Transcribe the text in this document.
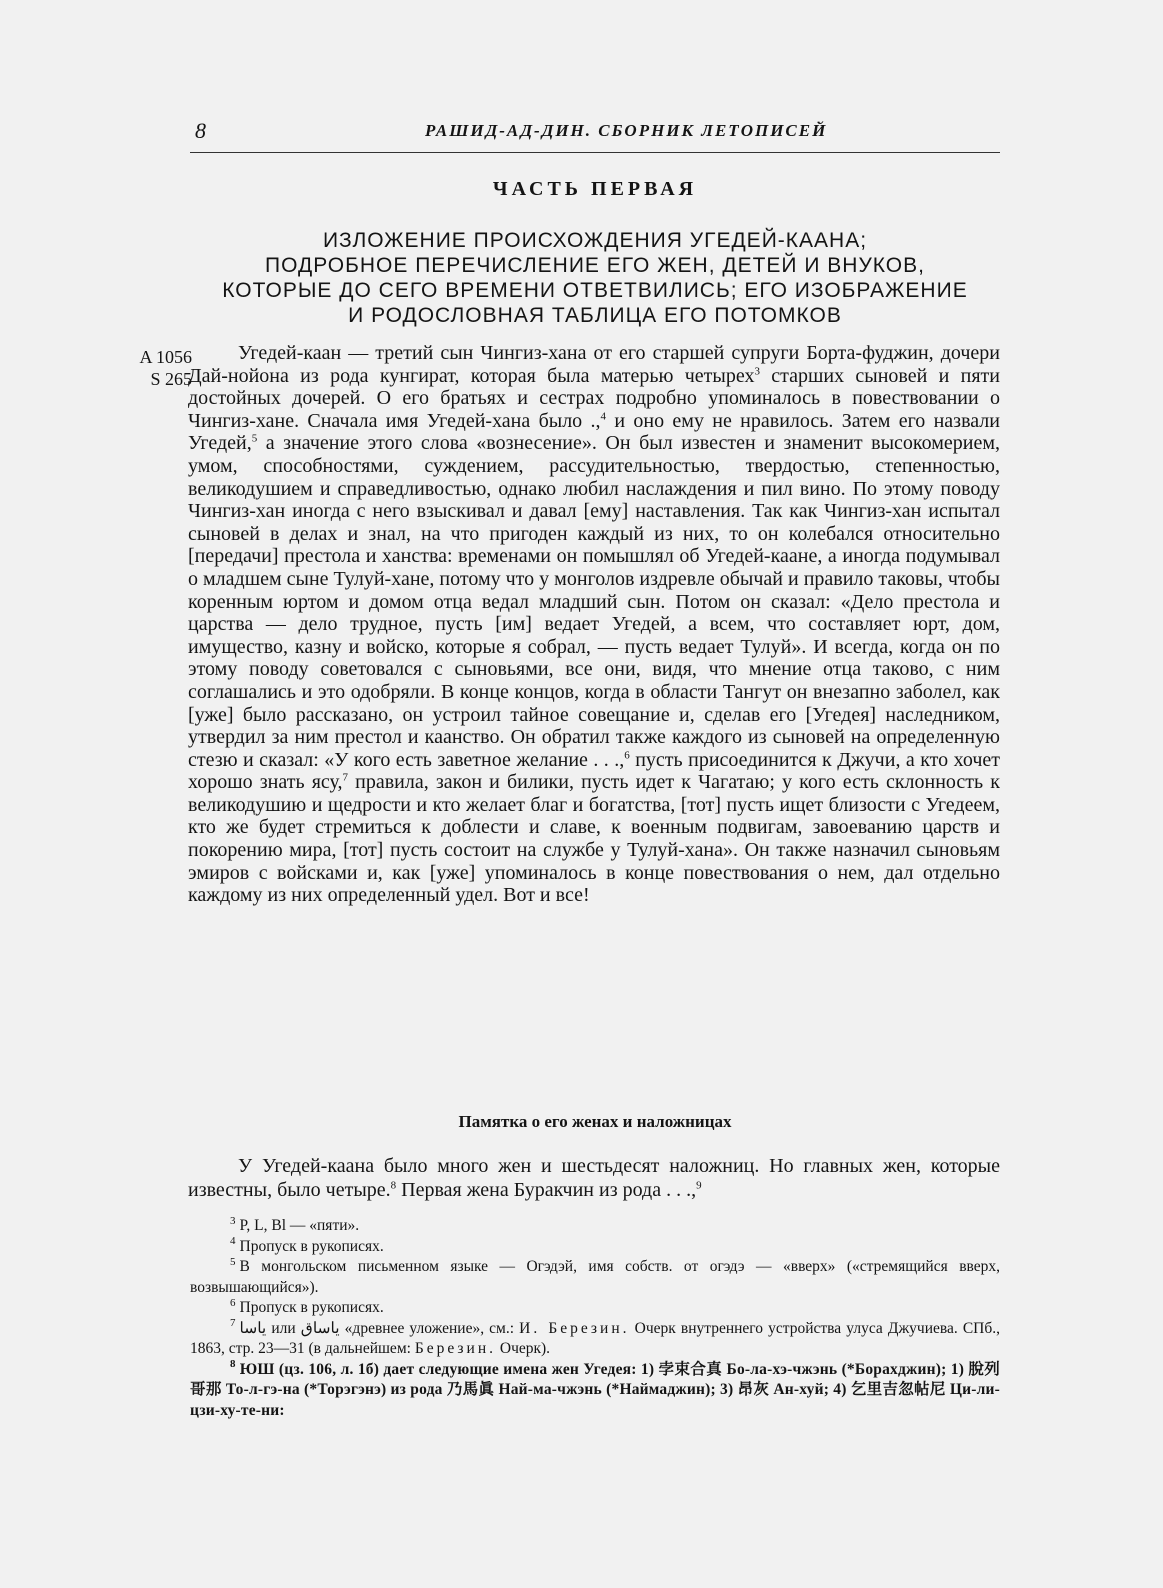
8	РАШИД-АД-ДИН. СБОРНИК ЛЕТОПИСЕЙ
ЧАСТЬ ПЕРВАЯ
ИЗЛОЖЕНИЕ ПРОИСХОЖДЕНИЯ УГЕДЕЙ-КААНА;
ПОДРОБНОЕ ПЕРЕЧИСЛЕНИЕ ЕГО ЖЕН, ДЕТЕЙ И ВНУКОВ,
КОТОРЫЕ ДО СЕГО ВРЕМЕНИ ОТВЕТВИЛИСЬ; ЕГО ИЗОБРАЖЕНИЕ
И РОДОСЛОВНАЯ ТАБЛИЦА ЕГО ПОТОМКОВ
A 1056
S 265

Угедей-каан — третий сын Чингиз-хана от его старшей супруги Борта-фуджин, дочери Дай-нойона из рода кунгират, которая была матерью четырех$^3$ старших сыновей и пяти достойных дочерей. О его братьях и сестрах подробно упоминалось в повествовании о Чингиз-хане. Сначала имя Угедей-хана было .,$^4$ и оно ему не нравилось. Затем его назвали Угедей,$^5$ а значение этого слова «вознесение». Он был известен и знаменит высокомерием, умом, способностями, суждением, рассудительностью, твердостью, степенностью, великодушием и справедливостью, однако любил наслаждения и пил вино. По этому поводу Чингиз-хан иногда с него взыскивал и давал [ему] наставления. Так как Чингиз-хан испытал сыновей в делах и знал, на что пригоден каждый из них, то он колебался относительно [передачи] престола и ханства: временами он помышлял об Угедей-каане, а иногда подумывал о младшем сыне Тулуй-хане, потому что у монголов издревле обычай и правило таковы, чтобы коренным юртом и домом отца ведал младший сын. Потом он сказал: «Дело престола и царства — дело трудное, пусть [им] ведает Угедей, а всем, что составляет юрт, дом, имущество, казну и войско, которые я собрал, — пусть ведает Тулуй». И всегда, когда он по этому поводу советовался с сыновьями, все они, видя, что мнение отца таково, с ним соглашались и это одобряли. В конце концов, когда в области Тангут он внезапно заболел, как [уже] было рассказано, он устроил тайное совещание и, сделав его [Угедея] наследником, утвердил за ним престол и каанство. Он обратил также каждого из сыновей на определенную стезю и сказал: «У кого есть заветное желание . . .,$^6$ пусть присоединится к Джучи, а кто хочет хорошо знать ясу,$^7$ правила, закон и билики, пусть идет к Чагатаю; у кого есть склонность к великодушию и щедрости и кто желает благ и богатства, [тот] пусть ищет близости с Угедеем, кто же будет стремиться к доблести и славе, к военным подвигам, завоеванию царств и покорению мира, [тот] пусть состоит на службе у Тулуй-хана». Он также назначил сыновьям эмиров с войсками и, как [уже] упоминалось в конце повествования о нем, дал отдельно каждому из них определенный удел. Вот и все!

Памятка о его женах и наложницах

У Угедей-каана было много жен и шестьдесят наложниц. Но главных жен, которые известны, было четыре.$^8$ Первая жена Буракчин из рода . . .,$^9$

$^3$ P, L, Bl — «пяти».

$^4$ Пропуск в рукописях.

$^5$ В монгольском письменном языке — Огэдэй, имя собств. от огэдэ — «вверх» («стремящийся вверх, возвышающийся»).

$^6$ Пропуск в рукописях.

$^7$ یاسا или یاساق «древнее уложение», см.: И. Березин. Очерк внутреннего устройства улуса Джучиева. СПб., 1863, стр. 23—31 (в дальнейшем: Березин. Очерк).

$^8$ ЮШ (цз. 106, л. 1б) дает следующие имена жен Угедея: 1) 孛束合真 Бо-ла-хэ-чжэнь (*Борахджин); 1) 脫列哥那 То-л-гэ-на (*Торэгэнэ) из рода 乃馬眞 Най-ма-чжэнь (*Наймаджин); 3) 昂灰 Ан-хуй; 4) 乞里吉忽帖尼 Ци-ли-цзи-ху-те-ни:
